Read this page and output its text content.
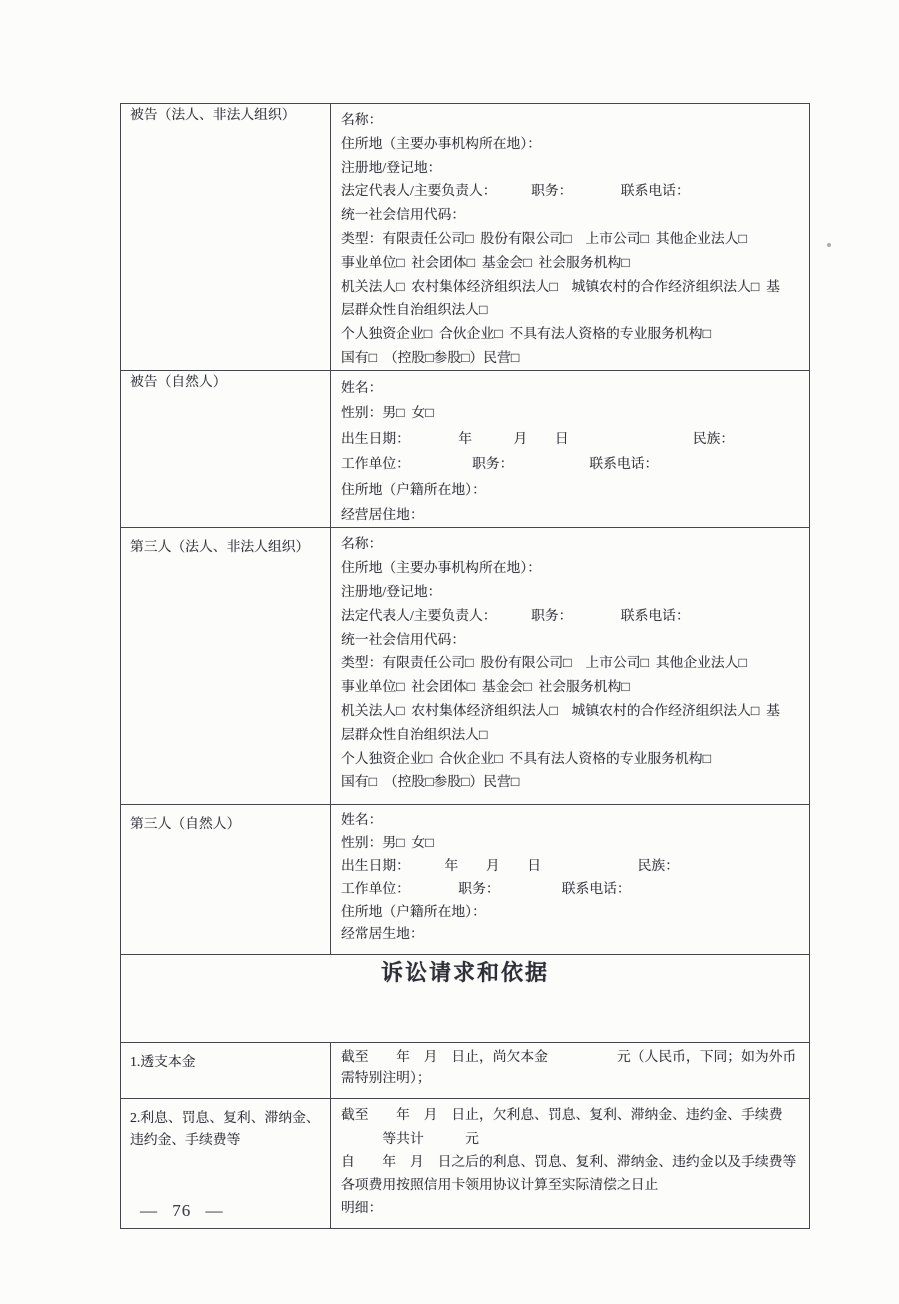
被告（法人、非法人组织）	名称：
住所地（主要办事机构所在地）：
注册地/登记地：
法定代表人/主要负责人：　　　职务：　　　　联系电话：
统一社会信用代码：
类型：有限责任公司□  股份有限公司□　上市公司□  其他企业法人□
事业单位□  社会团体□  基金会□  社会服务机构□
机关法人□  农村集体经济组织法人□　城镇农村的合作经济组织法人□  基
层群众性自治组织法人□
个人独资企业□  合伙企业□  不具有法人资格的专业服务机构□
国有□　（控股□参股□）民营□

被告（自然人）	姓名：
性别：男□  女□
出生日期：　　　　年　　　月　　日　　　　　　　　　民族：
工作单位：　　　　　职务：　　　　　　联系电话：
住所地（户籍所在地）：
经营居住地：

第三人（法人、非法人组织）	名称：
住所地（主要办事机构所在地）：
注册地/登记地：
法定代表人/主要负责人：　　　职务：　　　　联系电话：
统一社会信用代码：
类型：有限责任公司□  股份有限公司□　上市公司□  其他企业法人□
事业单位□  社会团体□  基金会□  社会服务机构□
机关法人□  农村集体经济组织法人□　城镇农村的合作经济组织法人□  基
层群众性自治组织法人□
个人独资企业□  合伙企业□  不具有法人资格的专业服务机构□
国有□　（控股□参股□）民营□

第三人（自然人）	姓名：
性别：男□  女□
出生日期：　　　年　　月　　日　　　　　　　民族：
工作单位：　　　　职务：　　　　　联系电话：
住所地（户籍所在地）：
经常居生地：

诉讼请求和依据	
1.透支本金	截至　　年　月　日止，尚欠本金　　　　　元（人民币，下同；如为外币
需特别注明）；

2.利息、罚息、复利、滞纳金、违约金、手续费等	截至　　年　月　日止，欠利息、罚息、复利、滞纳金、违约金、手续费
　　　等共计　　　元
自　　年　月　日之后的利息、罚息、复利、滞纳金、违约金以及手续费等
各项费用按照信用卡领用协议计算至实际清偿之日止
明细：
— 76 —
